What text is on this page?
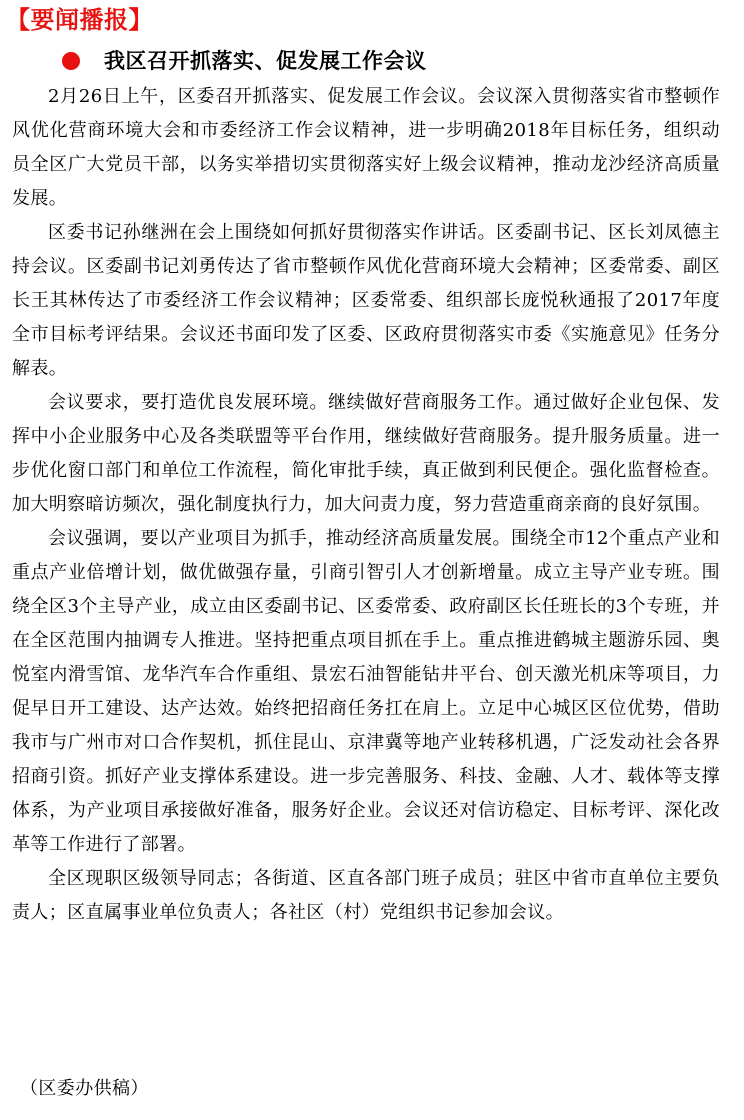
【要闻播报】
我区召开抓落实、促发展工作会议

2月26日上午，区委召开抓落实、促发展工作会议。会议深入贯彻落实省市整顿作风优化营商环境大会和市委经济工作会议精神，进一步明确2018年目标任务，组织动员全区广大党员干部，以务实举措切实贯彻落实好上级会议精神，推动龙沙经济高质量发展。

区委书记孙继洲在会上围绕如何抓好贯彻落实作讲话。区委副书记、区长刘凤德主持会议。区委副书记刘勇传达了省市整顿作风优化营商环境大会精神；区委常委、副区长王其林传达了市委经济工作会议精神；区委常委、组织部长庞悦秋通报了2017年度全市目标考评结果。会议还书面印发了区委、区政府贯彻落实市委《实施意见》任务分解表。

会议要求，要打造优良发展环境。继续做好营商服务工作。通过做好企业包保、发挥中小企业服务中心及各类联盟等平台作用，继续做好营商服务。提升服务质量。进一步优化窗口部门和单位工作流程，简化审批手续，真正做到利民便企。强化监督检查。加大明察暗访频次，强化制度执行力，加大问责力度，努力营造重商亲商的良好氛围。

会议强调，要以产业项目为抓手，推动经济高质量发展。围绕全市12个重点产业和重点产业倍增计划，做优做强存量，引商引智引人才创新增量。成立主导产业专班。围绕全区3个主导产业，成立由区委副书记、区委常委、政府副区长任班长的3个专班，并在全区范围内抽调专人推进。坚持把重点项目抓在手上。重点推进鹤城主题游乐园、奥悦室内滑雪馆、龙华汽车合作重组、景宏石油智能钻井平台、创天激光机床等项目，力促早日开工建设、达产达效。始终把招商任务扛在肩上。立足中心城区区位优势，借助我市与广州市对口合作契机，抓住昆山、京津冀等地产业转移机遇，广泛发动社会各界招商引资。抓好产业支撑体系建设。进一步完善服务、科技、金融、人才、载体等支撑体系，为产业项目承接做好准备，服务好企业。会议还对信访稳定、目标考评、深化改革等工作进行了部署。

全区现职区级领导同志；各街道、区直各部门班子成员；驻区中省市直单位主要负责人；区直属事业单位负责人；各社区（村）党组织书记参加会议。

（区委办供稿）
